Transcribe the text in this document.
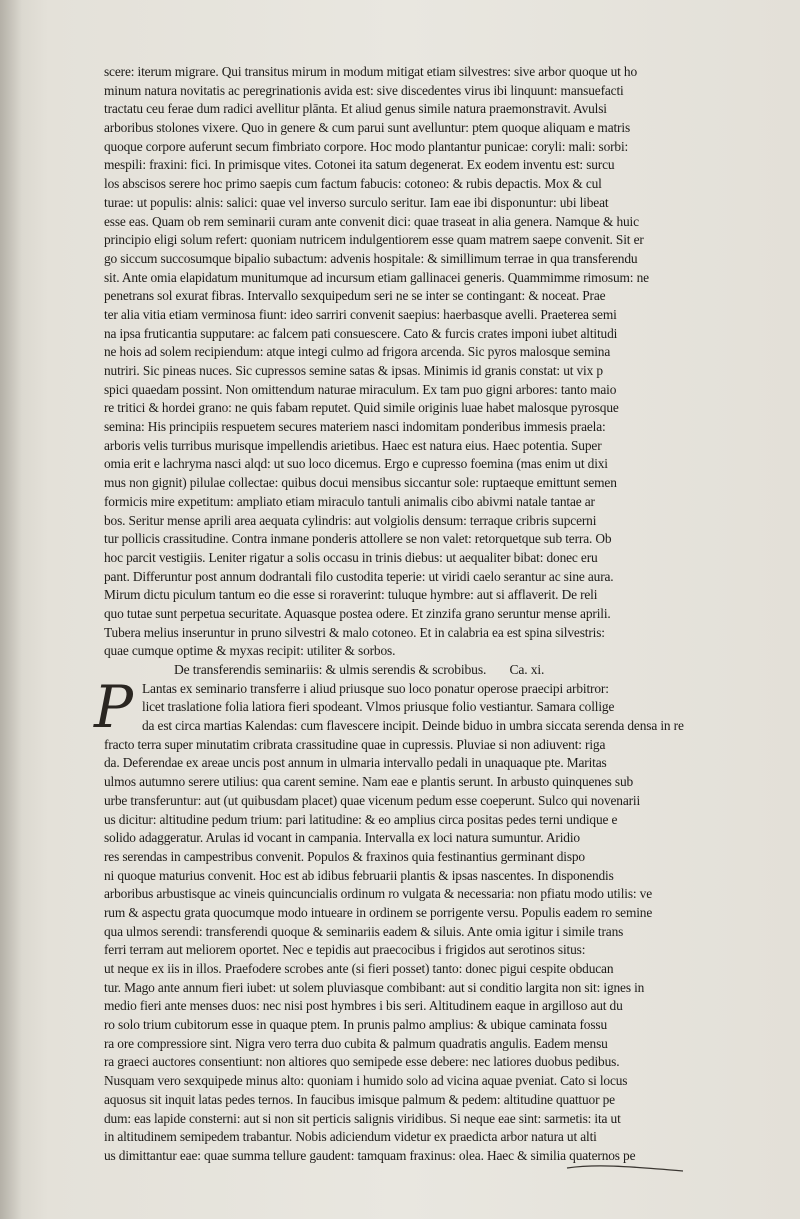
scere: iterum migrare. Qui transitus mirum in modum mitigat etiam silvestres: sive arbor quoque ut ho
minum natura novitatis ac peregrinationis avida est: sive discedentes virus ibi linquunt: mansuefacti
tractatu ceu ferae dum radici avellitur plānta. Et aliud genus simile natura praemonstravit. Avulsi
arboribus stolones vixere. Quo in genere & cum parui sunt avelluntur: ptem quoque aliquam e matris
quoque corpore auferunt secum fimbriato corpore. Hoc modo plantantur punicae: coryli: mali: sorbi:
mespili: fraxini: fici. In primisque vites. Cotonei ita satum degenerat. Ex eodem inventu est: surcu
los abscisos serere hoc primo saepis cum factum fabucis: cotoneo: & rubis depactis. Mox & cul
turae: ut populis: alnis: salici: quae vel inverso surculo seritur. Iam eae ibi disponuntur: ubi libeat
esse eas. Quam ob rem seminarii curam ante convenit dici: quae traseat in alia genera. Namque & huic
principio eligi solum refert: quoniam nutricem indulgentiorem esse quam matrem saepe convenit. Sit er
go siccum succosumque bipalio subactum: advenis hospitale: & simillimum terrae in qua transferendu
sit. Ante omia elapidatum munitumque ad incursum etiam gallinacei generis. Quammimme rimosum: ne
penetrans sol exurat fibras. Intervallo sexquipedum seri ne se inter se contingant: & noceat. Prae
ter alia vitia etiam verminosa fiunt: ideo sarriri convenit saepius: haerbasque avelli. Praeterea semi
na ipsa fruticantia supputare: ac falcem pati consuescere. Cato & furcis crates imponi iubet altitudi
ne hois ad solem recipiendum: atque integi culmo ad frigora arcenda. Sic pyros malosque semina
nutriri. Sic pineas nuces. Sic cupressos semine satas & ipsas. Minimis id granis constat: ut vix p
spici quaedam possint. Non omittendum naturae miraculum. Ex tam puo gigni arbores: tanto maio
re tritici & hordei grano: ne quis fabam reputet. Quid simile originis luae habet malosque pyrosque
semina: His principiis respuetem secures materiem nasci indomitam ponderibus immesis praela:
arboris velis turribus murisque impellendis arietibus. Haec est natura eius. Haec potentia. Super
omia erit e lachryma nasci alqd: ut suo loco dicemus. Ergo e cupresso foemina (mas enim ut dixi
mus non gignit) pilulae collectae: quibus docui mensibus siccantur sole: ruptaeque emittunt semen
formicis mire expetitum: ampliato etiam miraculo tantuli animalis cibo abivmi natale tantae ar
bos. Seritur mense aprili area aequata cylindris: aut volgiolis densum: terraque cribris supcerni
tur pollicis crassitudine. Contra inmane ponderis attollere se non valet: retorquetque sub terra. Ob
hoc parcit vestigiis. Leniter rigatur a solis occasu in trinis diebus: ut aequaliter bibat: donec eru
pant. Differuntur post annum dodrantali filo custodita teperie: ut viridi caelo serantur ac sine aura.
Mirum dictu piculum tantum eo die esse si roraverint: tuluque hymbre: aut si afflaverit. De reli
quo tutae sunt perpetua securitate. Aquasque postea odere. Et zinzifa grano seruntur mense aprili.
Tubera melius inseruntur in pruno silvestri & malo cotoneo. Et in calabria ea est spina silvestris:
quae cumque optime & myxas recipit: utiliter & sorbos.
De transferendis seminariis: & ulmis serendis & scrobibus. Ca. xi.
P Lantas ex seminario transferre i aliud priusque suo loco ponatur operose praecipi arbitror:
licet traslatione folia latiora fieri spodeant. Vlmos priusque folio vestiantur. Samara collige
da est circa martias Kalendas: cum flavescere incipit. Deinde biduo in umbra siccata serenda densa in re
fracto terra super minutatim cribrata crassitudine quae in cupressis. Pluviae si non adiuvent: riga
da. Deferendae ex areae uncis post annum in ulmaria intervallo pedali in unaquaque pte. Maritas
ulmos autumno serere utilius: qua carent semine. Nam eae e plantis serunt. In arbusto quinquenes sub
urbe transferuntur: aut (ut quibusdam placet) quae vicenum pedum esse coeperunt. Sulco qui novenarii
us dicitur: altitudine pedum trium: pari latitudine: & eo amplius circa positas pedes terni undique e
solido adaggeratur. Arulas id vocant in campania. Intervalla ex loci natura sumuntur. Aridio
res serendas in campestribus convenit. Populos & fraxinos quia festinantius germinant dispo
ni quoque maturius convenit. Hoc est ab idibus februarii plantis & ipsas nascentes. In disponendis
arboribus arbustisque ac vineis quincuncialis ordinum ro vulgata & necessaria: non pfiatu modo utilis: ve
rum & aspectu grata quocumque modo intueare in ordinem se porrigente versu. Populis eadem ro semine
qua ulmos serendi: transferendi quoque & seminariis eadem & siluis. Ante omia igitur i simile trans
ferri terram aut meliorem oportet. Nec e tepidis aut praecocibus i frigidos aut serotinos situs:
ut neque ex iis in illos. Praefodere scrobes ante (si fieri posset) tanto: donec pigui cespite obducan
tur. Mago ante annum fieri iubet: ut solem pluviasque combibant: aut si conditio largita non sit: ignes in
medio fieri ante menses duos: nec nisi post hymbres i bis seri. Altitudinem eaque in argilloso aut du
ro solo trium cubitorum esse in quaque ptem. In prunis palmo amplius: & ubique caminata fossu
ra ore compressiore sint. Nigra vero terra duo cubita & palmum quadratis angulis. Eadem mensu
ra graeci auctores consentiunt: non altiores quo semipede esse debere: nec latiores duobus pedibus.
Nusquam vero sexquipede minus alto: quoniam i humido solo ad vicina aquae pveniat. Cato si locus
aquosus sit inquit latas pedes ternos. In faucibus imisque palmum & pedem: altitudine quattuor pe
dum: eas lapide consterni: aut si non sit perticis salignis viridibus. Si neque eae sint: sarmetis: ita ut
in altitudinem semipedem trabantur. Nobis adiciendum videtur ex praedicta arbor natura ut alti
us dimittantur eae: quae summa tellure gaudent: tamquam fraxinus: olea. Haec & similia quaternos pe
